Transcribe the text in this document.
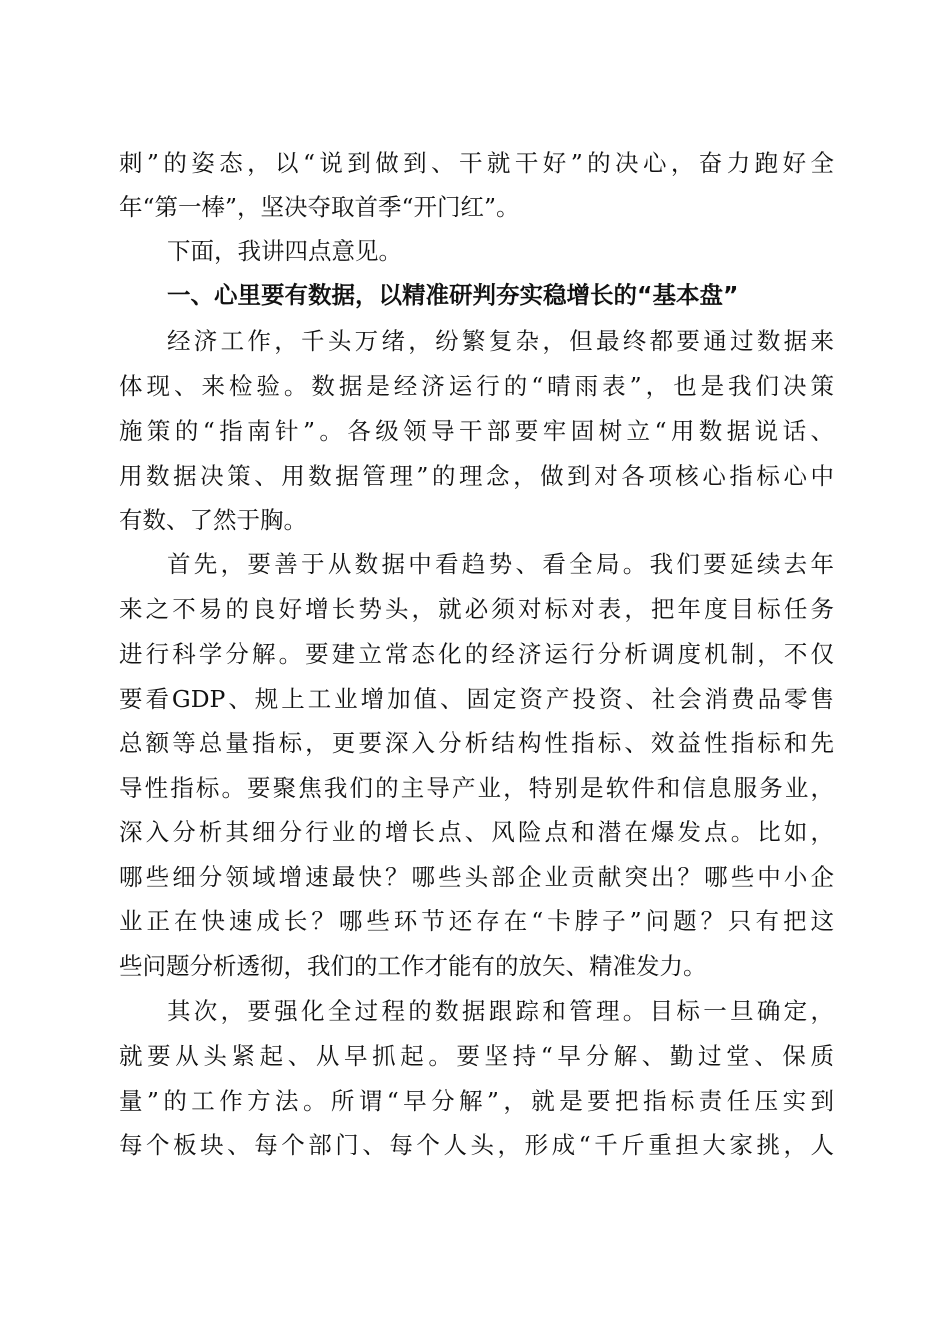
刺”的姿态，以“说到做到、干就干好”的决心，奋力跑好全
年“第一棒”，坚决夺取首季“开门红”。
下面，我讲四点意见。
一、心里要有数据，以精准研判夯实稳增长的“基本盘”
经济工作，千头万绪，纷繁复杂，但最终都要通过数据来
体现、来检验。数据是经济运行的“晴雨表”，也是我们决策
施策的“指南针”。各级领导干部要牢固树立“用数据说话、
用数据决策、用数据管理”的理念，做到对各项核心指标心中
有数、了然于胸。
首先，要善于从数据中看趋势、看全局。我们要延续去年
来之不易的良好增长势头，就必须对标对表，把年度目标任务
进行科学分解。要建立常态化的经济运行分析调度机制，不仅
要看GDP、规上工业增加值、固定资产投资、社会消费品零售
总额等总量指标，更要深入分析结构性指标、效益性指标和先
导性指标。要聚焦我们的主导产业，特别是软件和信息服务业，
深入分析其细分行业的增长点、风险点和潜在爆发点。比如，
哪些细分领域增速最快？哪些头部企业贡献突出？哪些中小企
业正在快速成长？哪些环节还存在“卡脖子”问题？只有把这
些问题分析透彻，我们的工作才能有的放矢、精准发力。
其次，要强化全过程的数据跟踪和管理。目标一旦确定，
就要从头紧起、从早抓起。要坚持“早分解、勤过堂、保质
量”的工作方法。所谓“早分解”，就是要把指标责任压实到
每个板块、每个部门、每个人头，形成“千斤重担大家挑，人
